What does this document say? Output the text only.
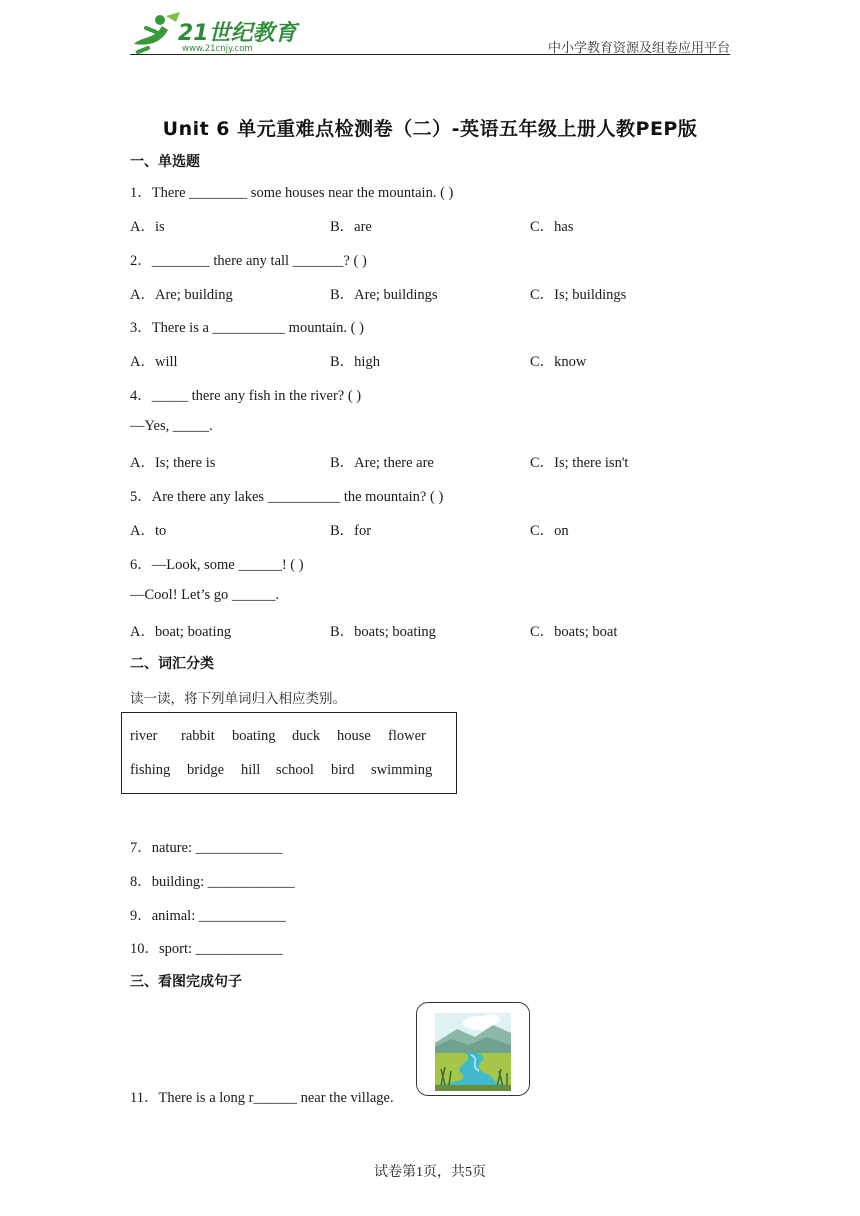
21世纪教育
www.21cnjy.com	中小学教育资源及组卷应用平台
Unit 6 单元重难点检测卷（二）-英语五年级上册人教PEP版
一、单选题
1．There ________ some houses near the mountain. ( )
A．is	B．are	C．has
2．________ there any tall _______? ( )
A．Are; building	B．Are; buildings	C．Is; buildings
3．There is a __________ mountain. ( )
A．will	B．high	C．know
4．_____ there any fish in the river? ( )
—Yes, _____.
A．Is; there is	B．Are; there are	C．Is; there isn't
5．Are there any lakes __________ the mountain? ( )
A．to	B．for	C．on
6．—Look, some ______! ( )
—Cool! Let’s go ______.
A．boat; boating	B．boats; boating	C．boats; boat
二、词汇分类
读一读，将下列单词归入相应类别。
river rabbit boating duck house flower
fishing bridge hill school bird swimming
7．nature: ____________
8．building: ____________
9．animal: ____________
10．sport: ____________
三、看图完成句子
11．There is a long r______ near the village.
试卷第1页，共5页
